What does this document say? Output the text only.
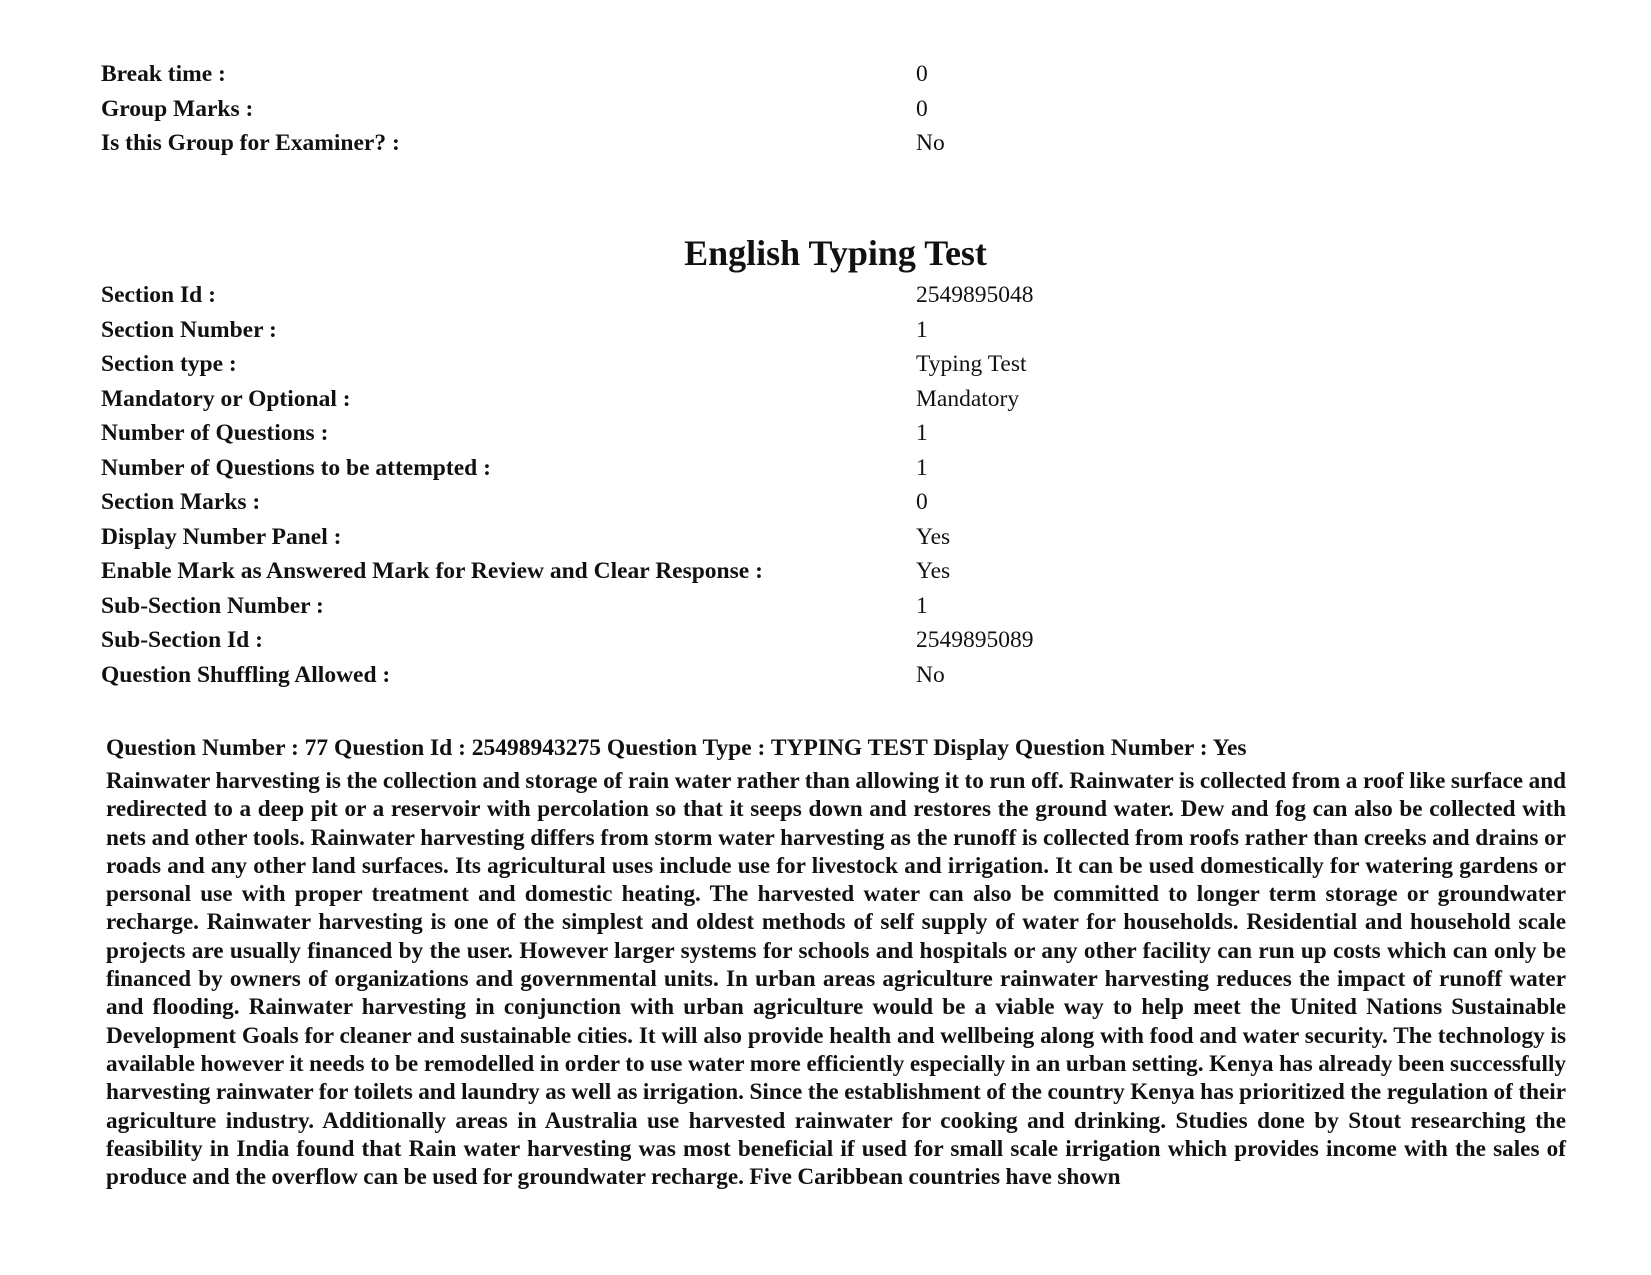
Break time :	0
Group Marks :	0
Is this Group for Examiner? :	No
English Typing Test
Section Id :	2549895048
Section Number :	1
Section type :	Typing Test
Mandatory or Optional :	Mandatory
Number of Questions :	1
Number of Questions to be attempted :	1
Section Marks :	0
Display Number Panel :	Yes
Enable Mark as Answered Mark for Review and Clear Response :	Yes
Sub-Section Number :	1
Sub-Section Id :	2549895089
Question Shuffling Allowed :	No
Question Number : 77 Question Id : 25498943275 Question Type : TYPING TEST Display Question Number : Yes
Rainwater harvesting is the collection and storage of rain water rather than allowing it to run off. Rainwater is collected from a roof like surface and redirected to a deep pit or a reservoir with percolation so that it seeps down and restores the ground water. Dew and fog can also be collected with nets and other tools. Rainwater harvesting differs from storm water harvesting as the runoff is collected from roofs rather than creeks and drains or roads and any other land surfaces. Its agricultural uses include use for livestock and irrigation. It can be used domestically for watering gardens or personal use with proper treatment and domestic heating. The harvested water can also be committed to longer term storage or groundwater recharge. Rainwater harvesting is one of the simplest and oldest methods of self supply of water for households. Residential and household scale projects are usually financed by the user. However larger systems for schools and hospitals or any other facility can run up costs which can only be financed by owners of organizations and governmental units. In urban areas agriculture rainwater harvesting reduces the impact of runoff water and flooding. Rainwater harvesting in conjunction with urban agriculture would be a viable way to help meet the United Nations Sustainable Development Goals for cleaner and sustainable cities. It will also provide health and wellbeing along with food and water security. The technology is available however it needs to be remodelled in order to use water more efficiently especially in an urban setting. Kenya has already been successfully harvesting rainwater for toilets and laundry as well as irrigation. Since the establishment of the country Kenya has prioritized the regulation of their agriculture industry. Additionally areas in Australia use harvested rainwater for cooking and drinking. Studies done by Stout researching the feasibility in India found that Rain water harvesting was most beneficial if used for small scale irrigation which provides income with the sales of produce and the overflow can be used for groundwater recharge. Five Caribbean countries have shown
